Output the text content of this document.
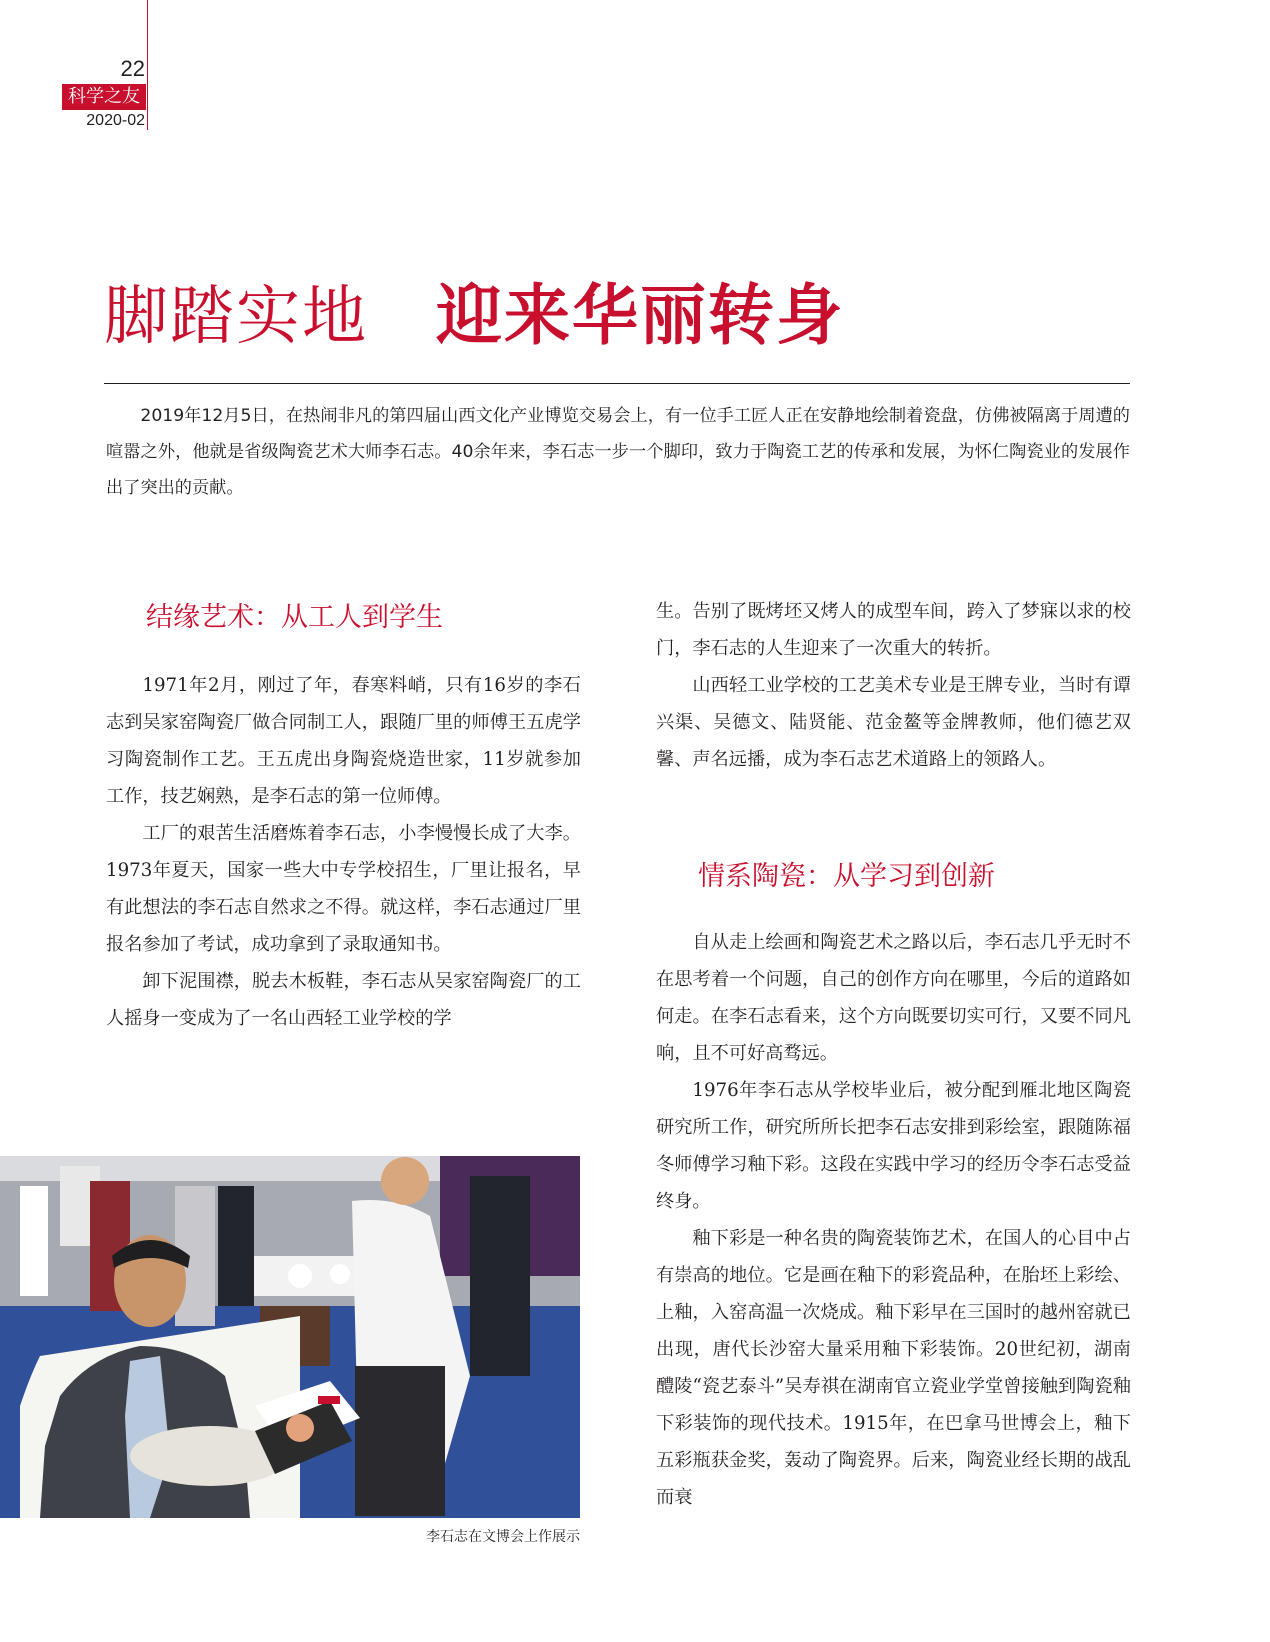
22
科学之友
2020-02
脚踏实地 迎来华丽转身

2019年12月5日，在热闹非凡的第四届山西文化产业博览交易会上，有一位手工匠人正在安静地绘制着瓷盘，仿佛被隔离于周遭的喧嚣之外，他就是省级陶瓷艺术大师李石志。40余年来，李石志一步一个脚印，致力于陶瓷工艺的传承和发展，为怀仁陶瓷业的发展作出了突出的贡献。

结缘艺术：从工人到学生

1971年2月，刚过了年，春寒料峭，只有16岁的李石志到吴家窑陶瓷厂做合同制工人，跟随厂里的师傅王五虎学习陶瓷制作工艺。王五虎出身陶瓷烧造世家，11岁就参加工作，技艺娴熟，是李石志的第一位师傅。

工厂的艰苦生活磨炼着李石志，小李慢慢长成了大李。1973年夏天，国家一些大中专学校招生，厂里让报名，早有此想法的李石志自然求之不得。就这样，李石志通过厂里报名参加了考试，成功拿到了录取通知书。

卸下泥围襟，脱去木板鞋，李石志从吴家窑陶瓷厂的工人摇身一变成为了一名山西轻工业学校的学

生。告别了既烤坯又烤人的成型车间，跨入了梦寐以求的校门，李石志的人生迎来了一次重大的转折。

山西轻工业学校的工艺美术专业是王牌专业，当时有谭兴渠、吴德文、陆贤能、范金鳌等金牌教师，他们德艺双馨、声名远播，成为李石志艺术道路上的领路人。

情系陶瓷：从学习到创新

自从走上绘画和陶瓷艺术之路以后，李石志几乎无时不在思考着一个问题，自己的创作方向在哪里，今后的道路如何走。在李石志看来，这个方向既要切实可行，又要不同凡响，且不可好高骛远。

1976年李石志从学校毕业后，被分配到雁北地区陶瓷研究所工作，研究所所长把李石志安排到彩绘室，跟随陈福冬师傅学习釉下彩。这段在实践中学习的经历令李石志受益终身。

釉下彩是一种名贵的陶瓷装饰艺术，在国人的心目中占有崇高的地位。它是画在釉下的彩瓷品种，在胎坯上彩绘、上釉，入窑高温一次烧成。釉下彩早在三国时的越州窑就已出现，唐代长沙窑大量采用釉下彩装饰。20世纪初，湖南醴陵“瓷艺泰斗”吴寿祺在湖南官立瓷业学堂曾接触到陶瓷釉下彩装饰的现代技术。1915年，在巴拿马世博会上，釉下五彩瓶获金奖，轰动了陶瓷界。后来，陶瓷业经长期的战乱而衰

李石志在文博会上作展示
